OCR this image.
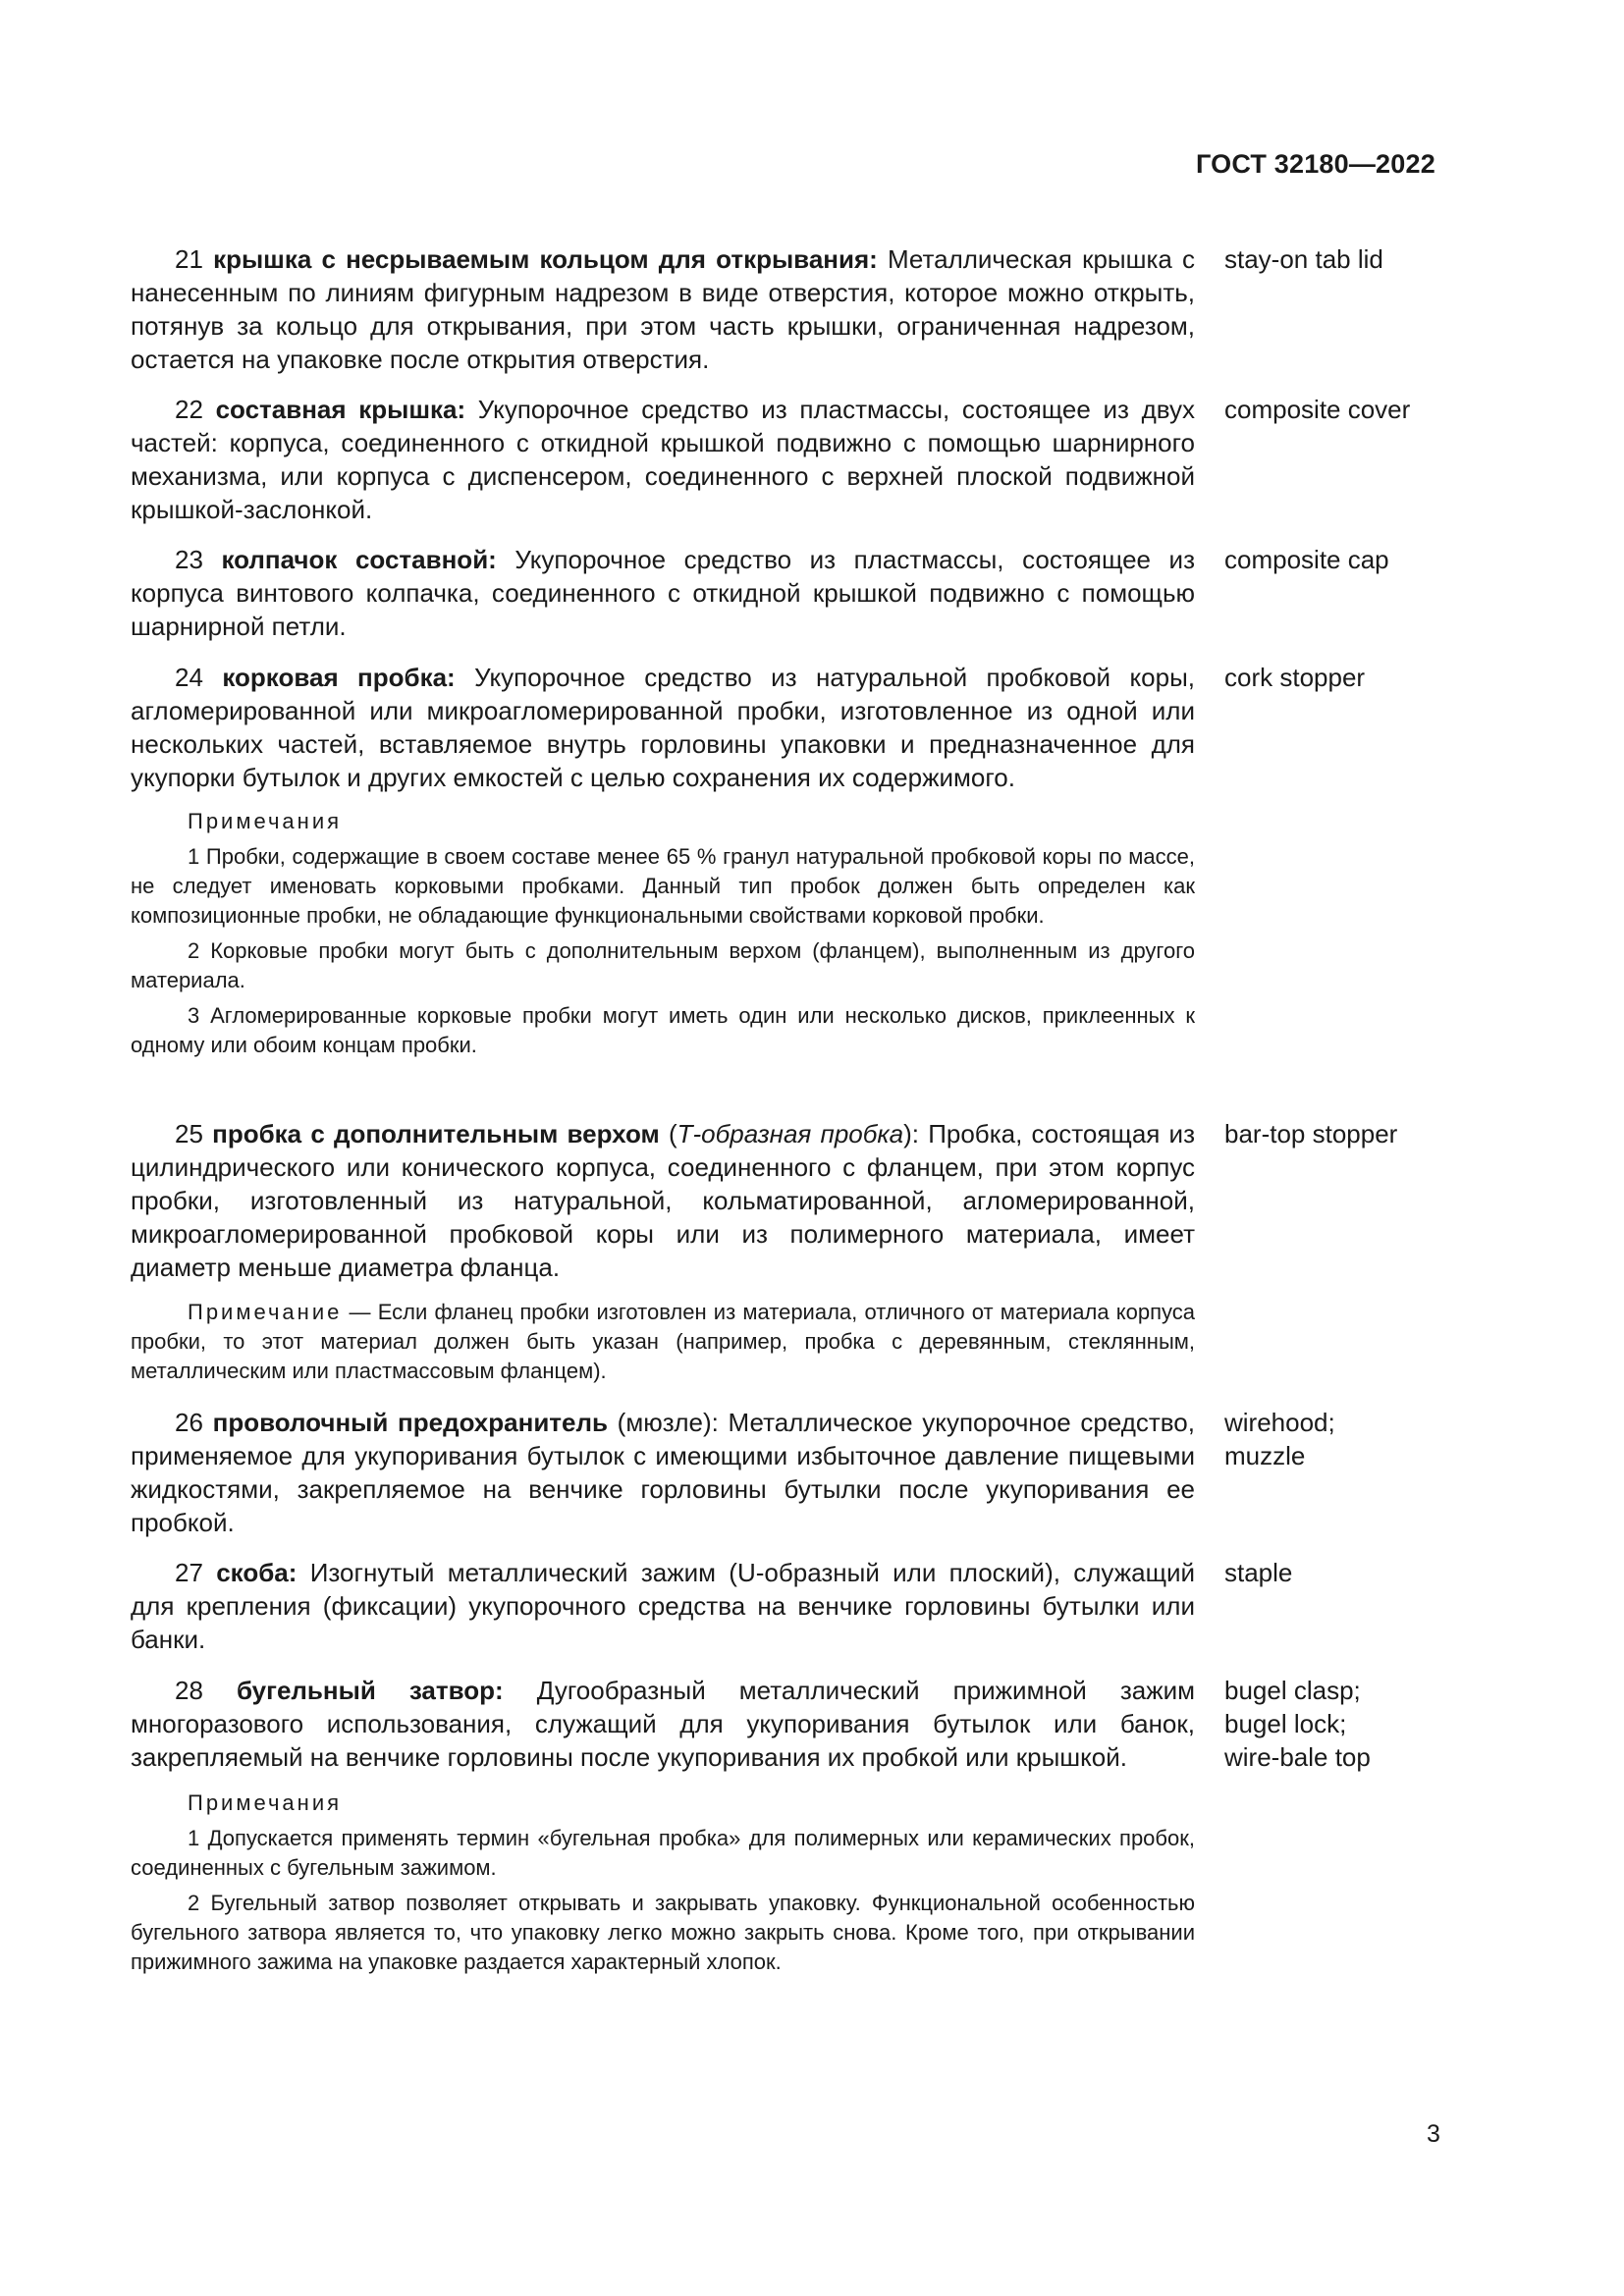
ГОСТ 32180—2022
21 крышка с несрываемым кольцом для открывания: Металлическая крышка с нанесенным по линиям фигурным надрезом в виде отверстия, которое можно открыть, потянув за кольцо для открывания, при этом часть крышки, ограниченная надрезом, остается на упаковке после открытия отверстия.
stay-on tab lid
22 составная крышка: Укупорочное средство из пластмассы, состоящее из двух частей: корпуса, соединенного с откидной крышкой подвижно с помощью шарнирного механизма, или корпуса с диспенсером, соединенного с верхней плоской подвижной крышкой-заслонкой.
composite cover
23 колпачок составной: Укупорочное средство из пластмассы, состоящее из корпуса винтового колпачка, соединенного с откидной крышкой подвижно с помощью шарнирной петли.
composite cap
24 корковая пробка: Укупорочное средство из натуральной пробковой коры, агломерированной или микроагломерированной пробки, изготовленное из одной или нескольких частей, вставляемое внутрь горловины упаковки и предназначенное для укупорки бутылок и других емкостей с целью сохранения их содержимого.
cork stopper
Примечания
1 Пробки, содержащие в своем составе менее 65 % гранул натуральной пробковой коры по массе, не следует именовать корковыми пробками. Данный тип пробок должен быть определен как композиционные пробки, не обладающие функциональными свойствами корковой пробки.
2 Корковые пробки могут быть с дополнительным верхом (фланцем), выполненным из другого материала.
3 Агломерированные корковые пробки могут иметь один или несколько дисков, приклеенных к одному или обоим концам пробки.
25 пробка с дополнительным верхом (Т-образная пробка): Пробка, состоящая из цилиндрического или конического корпуса, соединенного с фланцем, при этом корпус пробки, изготовленный из натуральной, кольматированной, агломерированной, микроагломерированной пробковой коры или из полимерного материала, имеет диаметр меньше диаметра фланца.
bar-top stopper
Примечание — Если фланец пробки изготовлен из материала, отличного от материала корпуса пробки, то этот материал должен быть указан (например, пробка с деревянным, стеклянным, металлическим или пластмассовым фланцем).
26 проволочный предохранитель (мюзле): Металлическое укупорочное средство, применяемое для укупоривания бутылок с имеющими избыточное давление пищевыми жидкостями, закрепляемое на венчике горловины бутылки после укупоривания ее пробкой.
wirehood;
muzzle
27 скоба: Изогнутый металлический зажим (U-образный или плоский), служащий для крепления (фиксации) укупорочного средства на венчике горловины бутылки или банки.
staple
28 бугельный затвор: Дугообразный металлический прижимной зажим многоразового использования, служащий для укупоривания бутылок или банок, закрепляемый на венчике горловины после укупоривания их пробкой или крышкой.
bugel clasp;
bugel lock;
wire-bale top
Примечания
1 Допускается применять термин «бугельная пробка» для полимерных или керамических пробок, соединенных с бугельным зажимом.
2 Бугельный затвор позволяет открывать и закрывать упаковку. Функциональной особенностью бугельного затвора является то, что упаковку легко можно закрыть снова. Кроме того, при открывании прижимного зажима на упаковке раздается характерный хлопок.
3
